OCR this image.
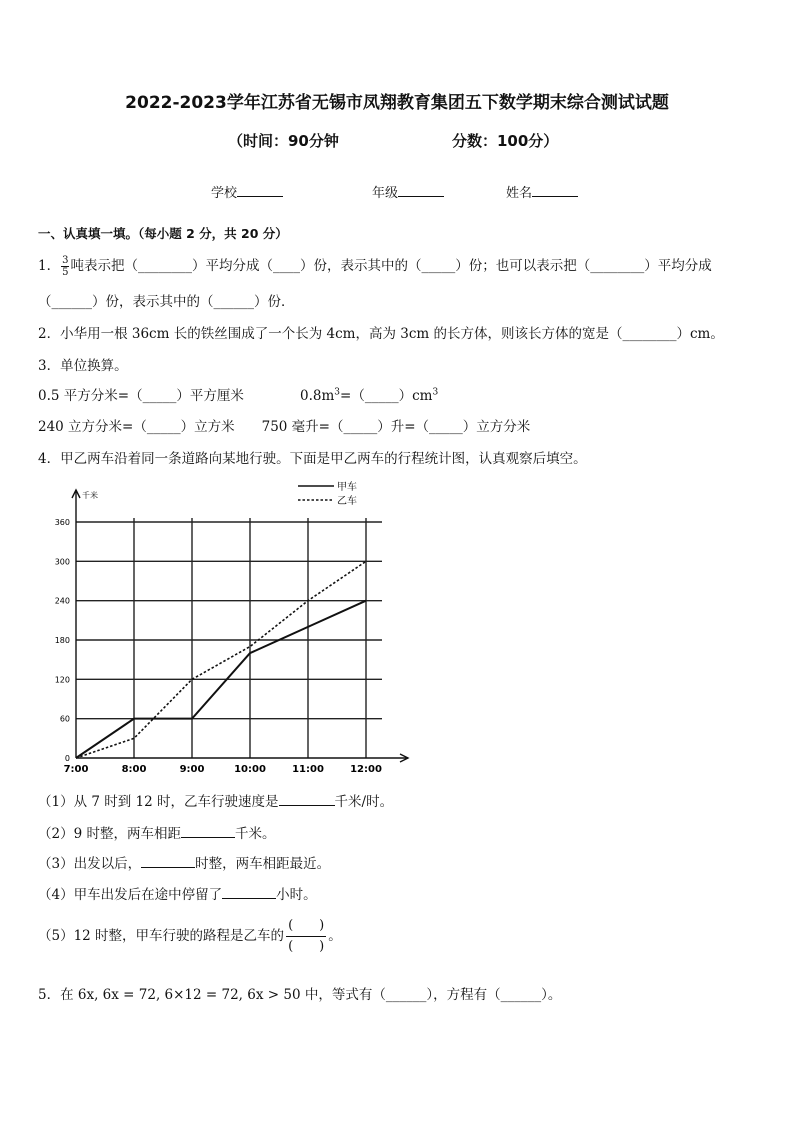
2022-2023学年江苏省无锡市凤翔教育集团五下数学期末综合测试试题
（时间：90分钟	分数：100分）
学校	年级	姓名
一、认真填一填。（每小题 2 分，共 20 分）
1． $\frac{3}{5}$ 吨表示把（________）平均分成（____）份，表示其中的（_____）份；也可以表示把（________）平均分成
（______）份，表示其中的（______）份．
2．小华用一根 36cm 长的铁丝围成了一个长为 4cm，高为 3cm 的长方体，则该长方体的宽是（________）cm。
3．单位换算。
0.5 平方分米=（_____）平方厘米	$0.8m^3=(\_\_\_\_\_)cm^3$
240 立方分米=（_____）立方米　　750 毫升=（_____）升=（_____）立方分米
4．甲乙两车沿着同一条道路向某地行驶。下面是甲乙两车的行程统计图，认真观察后填空。
千米
0
60
120
180
240
300
360
7:00	8:00	9:00	10:00	11:00	12:00
甲车
乙车
（1）从 7 时到 12 时，乙车行驶速度是	千米/时。
（2）9 时整，两车相距	千米。
（3）出发以后，	时整，两车相距最近。
（4）甲车出发后在途中停留了	小时。
（5）12 时整，甲车行驶的路程是乙车的 $\frac{( )}{( )}$ 。
5．在 6x, 6x = 72, 6×12 = 72, 6x > 50 中，等式有（______），方程有（______）。
